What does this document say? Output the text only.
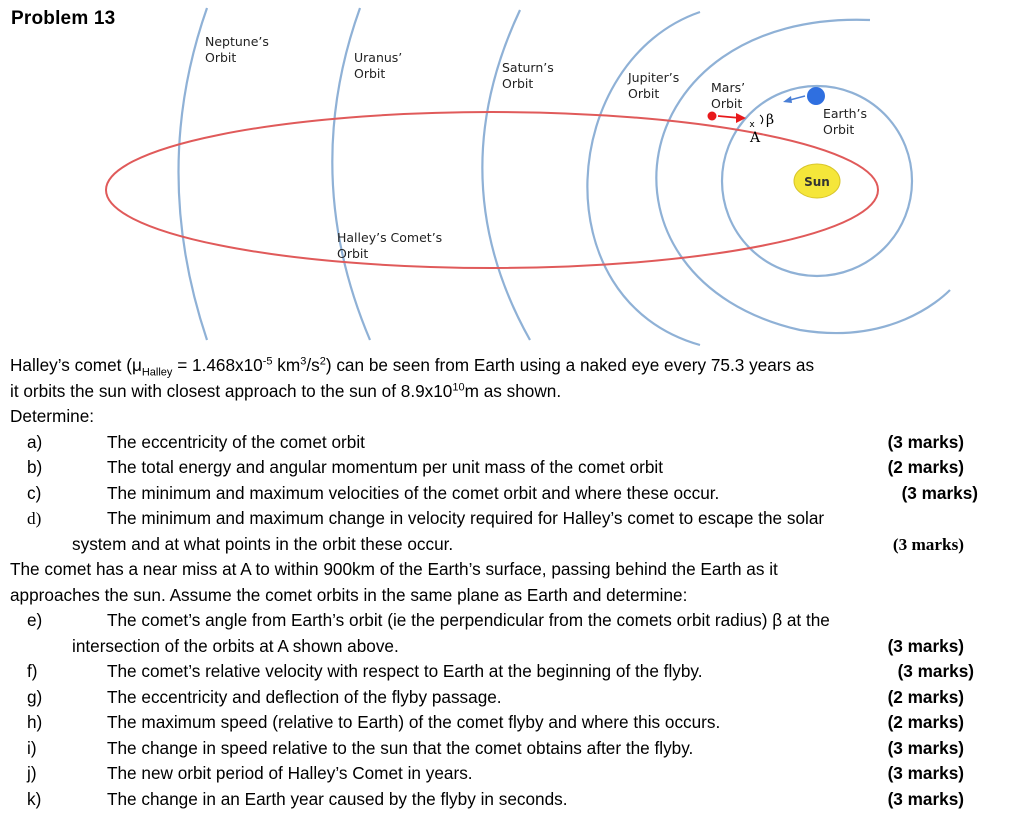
Problem 13
Sun
x
A
β
Neptune’s
Orbit	Uranus’
Orbit	Saturn’s
Orbit	Jupiter’s
Orbit	Mars’
Orbit
Earth’s
Orbit
Halley’s Comet’s
Orbit
Halley’s comet ($\mu_{Halley} = 1.468x10^{-5}$ $km^3/s^2$) can be seen from Earth using a naked eye every 75.3 years as
it orbits the sun with closest approach to the sun of $8.9x10^{10}m$ as shown.
Determine:
a)	The eccentricity of the comet orbit	(3 marks)
b)	The total energy and angular momentum per unit mass of the comet orbit	(2 marks)
c)	The minimum and maximum velocities of the comet orbit and where these occur.	(3 marks)
d)	The minimum and maximum change in velocity required for Halley’s comet to escape the solar
system and at what points in the orbit these occur.	(3 marks)
The comet has a near miss at A to within 900km of the Earth’s surface, passing behind the Earth as it
approaches the sun. Assume the comet orbits in the same plane as Earth and determine:
e)	The comet’s angle from Earth’s orbit (ie the perpendicular from the comets orbit radius) β at the
intersection of the orbits at A shown above.	(3 marks)
f)	The comet’s relative velocity with respect to Earth at the beginning of the flyby.	(3 marks)
g)	The eccentricity and deflection of the flyby passage.	(2 marks)
h)	The maximum speed (relative to Earth) of the comet flyby and where this occurs.	(2 marks)
i)	The change in speed relative to the sun that the comet obtains after the flyby.	(3 marks)
j)	The new orbit period of Halley’s Comet in years.	(3 marks)
k)	The change in an Earth year caused by the flyby in seconds.	(3 marks)
